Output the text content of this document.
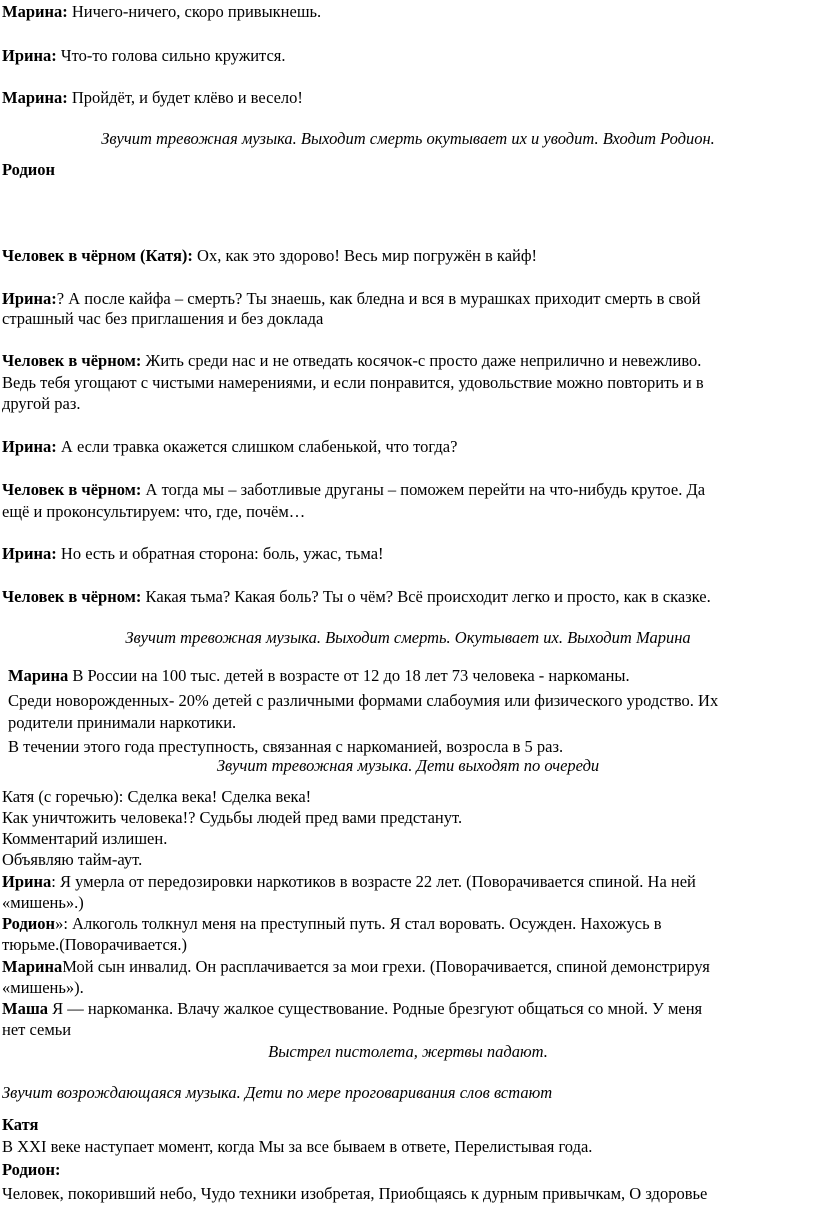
Марина: Ничего-ничего, скоро привыкнешь.
Ирина: Что-то голова сильно кружится.
Марина: Пройдёт, и будет клёво и весело!
Звучит тревожная музыка. Выходит смерть окутывает их и уводит. Входит Родион.
Родион
Человек в чёрном (Катя): Ох, как это здорово! Весь мир погружён в кайф!
Ирина:? А после кайфа – смерть? Ты знаешь, как бледна и вся в мурашках приходит смерть в свой
страшный час без приглашения и без доклада
Человек в чёрном: Жить среди нас и не отведать косячок-с просто даже неприлично и невежливо.
Ведь тебя угощают с чистыми намерениями, и если понравится, удовольствие можно повторить и в
другой раз.
Ирина: А если травка окажется слишком слабенькой, что тогда?
Человек в чёрном: А тогда мы – заботливые друганы – поможем перейти на что-нибудь крутое. Да
ещё и проконсультируем: что, где, почём…
Ирина: Но есть и обратная сторона: боль, ужас, тьма!
Человек в чёрном: Какая тьма? Какая боль? Ты о чём? Всё происходит легко и просто, как в сказке.
Звучит тревожная музыка. Выходит смерть. Окутывает их. Выходит Марина
Марина В России на 100 тыс. детей в возрасте от 12 до 18 лет 73 человека - наркоманы.
Среди новорожденных- 20% детей с различными формами слабоумия или физического уродство. Их
родители принимали наркотики.
В течении этого года преступность, связанная с наркоманией, возросла в 5 раз.
Звучит тревожная музыка. Дети выходят по очереди
Катя (с горечью): Сделка века! Сделка века!
Как уничтожить человека!? Судьбы людей пред вами предстанут.
Комментарий излишен.
Объявляю тайм-аут.
Ирина: Я умерла от передозировки наркотиков в возрасте 22 лет. (Поворачивается спиной. На ней
«мишень».)
Родион»: Алкоголь толкнул меня на преступный путь. Я стал воровать. Осужден. Нахожусь в
тюрьме.(Поворачивается.)
МаринаМой сын инвалид. Он расплачивается за мои грехи. (Поворачивается, спиной демонстрируя
«мишень»).
Маша Я — наркоманка. Влачу жалкое существование. Родные брезгуют общаться со мной. У меня
нет семьи
Выстрел пистолета, жертвы падают.
Звучит возрождающаяся музыка. Дети по мере проговаривания слов встают
Катя
В XXI веке наступает момент, когда Мы за все бываем в ответе, Перелистывая года.
Родион:
Человек, покоривший небо, Чудо техники изобретая, Приобщаясь к дурным привычкам, О здоровье
